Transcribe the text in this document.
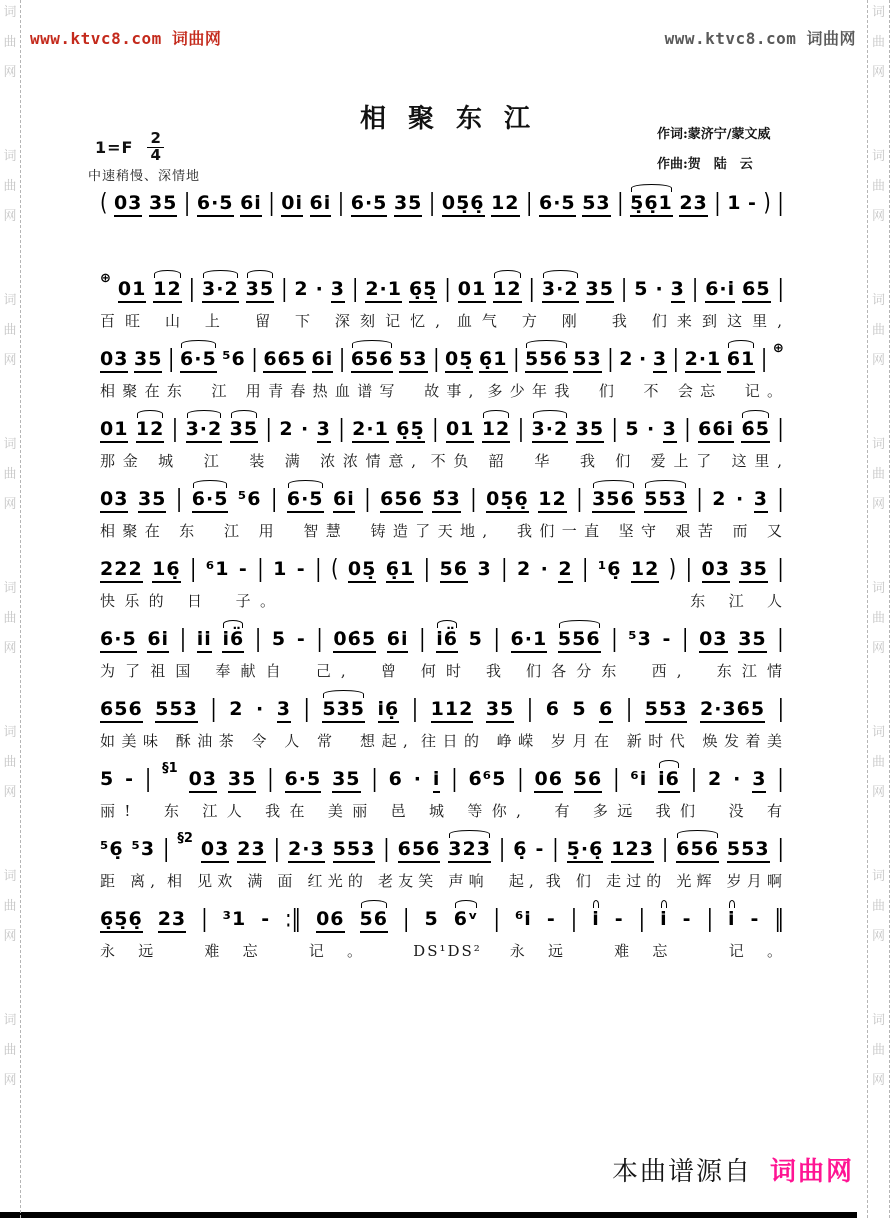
词
曲
网
词
曲
网
词
曲
网
词
曲
网
词
曲
网
词
曲
网
词
曲
网
词
曲
网
词
曲
网
词
曲
网
词
曲
网
词
曲
网
词
曲
网
词
曲
网
词
曲
网
词
曲
网
www.ktvc8.com 词曲网	www.ktvc8.com 词曲网
相聚东江
作词:蒙济宁/蒙文威
作曲:贺　陆　云
$1=F \frac{2}{4}$
中速稍慢、深情地
( 03 35 | 6·5 6i | 0i 6i | 6·5 35 | 05̣6̣ 12 | 6·5 53 | 5̣6̣1 23 | 1 - ) |
⊕ 01 12 | 3·2 35 | 2 · 3 | 2·1 6̣5̣ | 01 12 | 3·2 35 | 5 · 3 | 6·i 65 |
百旺 山 上　留 下 深刻记忆, 血气 方 刚　我 们来到这里,
03 35 | 6·5 ⁵6 | 665 6i | 656 53 | 05̣ 6̣1 | 556 53 | 2 · 3 | 2·1 61 | ⊕
相聚在东　江 用青春热血谱写　故事, 多少年我　们　不 会忘　记。
01 12 | 3·2 35 | 2 · 3 | 2·1 6̣5̣ | 01 12 | 3·2 35 | 5 · 3 | 66i 6̇5 |
那金 城　江　装 满 浓浓情意, 不负 韶　华　我 们 爱上了 这里,
03 35 | 6·5 ⁵6 | 6·5 6i | 656 5̈3 | 05̣6̣ 12 | 356 553 | 2 · 3 |
相聚在 东　江 用　智慧　铸造了天地,　我们一直 坚守 艰苦 而 又
222 16̣ | ⁶1 - | 1 - | ( 05̣ 6̣1 | 56 3 | 2 · 2 | ¹6̣ 12 ) | 03 35 |
快乐的 日　子。　　　　　　　　　　　　　　　　　东 江 人
6·5 6i | ii i6̈ | 5 - | 06̇5 6i | i6̈ 5 | 6·1 556 | ⁵3 - | 03 35 |
为了祖国 奉献自　己,　曾 何时 我 们各分东　西,　东江情
656 553 | 2 · 3 | 535 i6̣ | 112 35 | 6 5 6 | 553 2·365 |
如美味 酥油茶 令 人 常　想起, 往日的 峥嵘 岁月在 新时代 焕发着美
5 - | §1 03 35 | 6·5 35 | 6 · i | 6̇⁶5 | 06 56 | ⁶i i6 | 2 · 3 |
丽!　东 江人 我在 美丽 邑 城 等你,　有 多远 我们　没 有
⁵6̣ ⁵3 | §2 03 23 | 2·3 553 | 656 323 | 6̣ - | 5̣·6̣ 123 | 656 553 |
距 离, 相 见欢 满 面 红光的 老友笑 声响　起, 我 们 走过的 光辉 岁月啊
6̣5̣6̣ 23 | ³1 - :‖ 06 56 | 5 6ᵛ | ⁶i - | i - | i - | i - ‖
永远 难忘 记。 DS¹DS² 永远 难忘　记。
本曲谱源自 词曲网
